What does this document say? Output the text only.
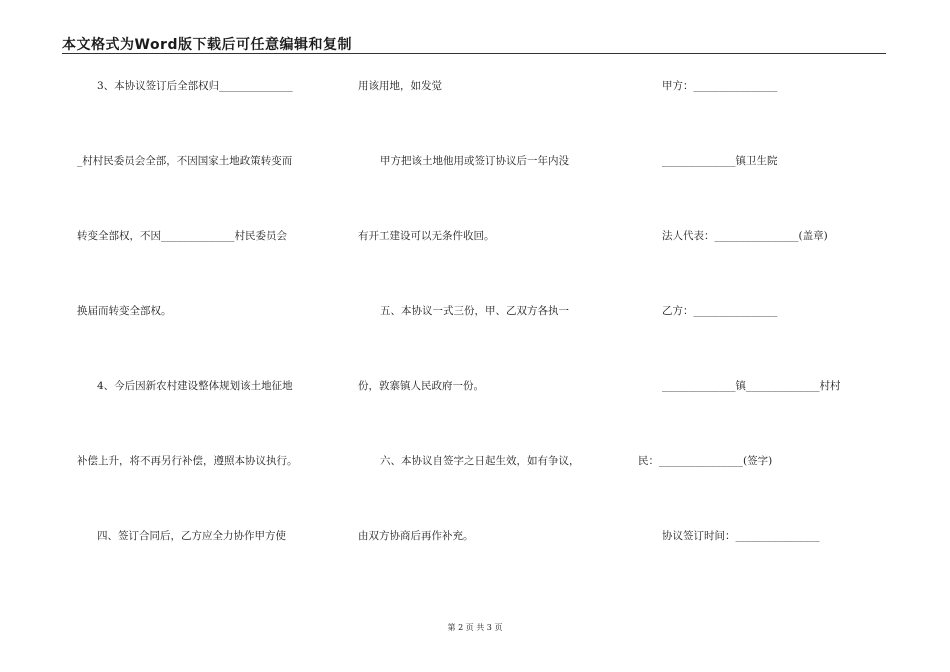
本文格式为Word版下载后可任意编辑和复制
3、本协议签订后全部权归______________
_村村民委员会全部，不因国家土地政策转变而
转变全部权，不因______________村民委员会
换届而转变全部权。
4、今后因新农村建设整体规划该土地征地
补偿上升，将不再另行补偿，遵照本协议执行。
四、签订合同后，乙方应全力协作甲方使
用该用地，如发觉
甲方把该土地他用或签订协议后一年内没
有开工建设可以无条件收回。
五、本协议一式三份，甲、乙双方各执一
份，敦寨镇人民政府一份。
六、本协议自签字之日起生效，如有争议，
由双方协商后再作补充。
甲方：________________
______________镇卫生院
法人代表：________________(盖章)
乙方：________________
______________镇______________村村
民：________________(签字)
协议签订时间：________________
第 2 页 共 3 页
